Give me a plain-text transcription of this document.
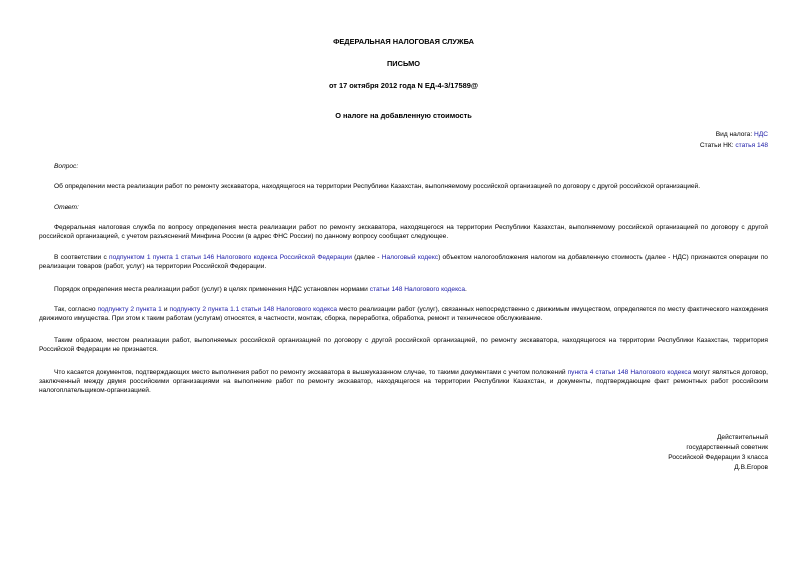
ФЕДЕРАЛЬНАЯ НАЛОГОВАЯ СЛУЖБА
ПИСЬМО
от 17 октября 2012 года N ЕД-4-3/17589@
О налоге на добавленную стоимость
Вид налога: НДС
Статьи НК: статья 148
Вопрос:
Об определении места реализации работ по ремонту экскаватора, находящегося на территории Республики Казахстан, выполняемому российской организацией по договору с другой российской организацией.
Ответ:
Федеральная налоговая служба по вопросу определения места реализации работ по ремонту экскаватора, находящегося на территории Республики Казахстан, выполняемому российской организацией по договору с другой российской организацией, с учетом разъяснений Минфина России (в адрес ФНС России) по данному вопросу сообщает следующее.
В соответствии с подпунктом 1 пункта 1 статьи 146 Налогового кодекса Российской Федерации (далее - Налоговый кодекс) объектом налогообложения налогом на добавленную стоимость (далее - НДС) признаются операции по реализации товаров (работ, услуг) на территории Российской Федерации.
Порядок определения места реализации работ (услуг) в целях применения НДС установлен нормами статьи 148 Налогового кодекса.
Так, согласно подпункту 2 пункта 1 и подпункту 2 пункта 1.1 статьи 148 Налогового кодекса место реализации работ (услуг), связанных непосредственно с движимым имуществом, определяется по месту фактического нахождения движимого имущества. При этом к таким работам (услугам) относятся, в частности, монтаж, сборка, переработка, обработка, ремонт и техническое обслуживание.
Таким образом, местом реализации работ, выполняемых российской организацией по договору с другой российской организацией, по ремонту экскаватора, находящегося на территории Республики Казахстан, территория Российской Федерации не признается.
Что касается документов, подтверждающих место выполнения работ по ремонту экскаватора в вышеуказанном случае, то такими документами с учетом положений пункта 4 статьи 148 Налогового кодекса могут являться договор, заключенный между двумя российскими организациями на выполнение работ по ремонту экскаватор, находящегося на территории Республики Казахстан, и документы, подтверждающие факт ремонтных работ российским налогоплательщиком-организацией.
Действительный
государственный советник
Российской Федерации 3 класса
Д.В.Егоров
